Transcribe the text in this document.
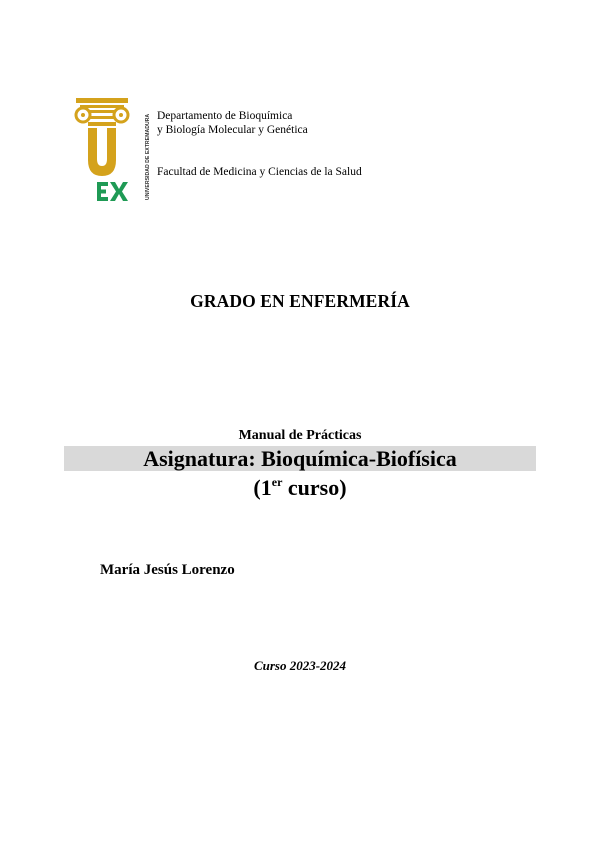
UNIVERSIDAD DE EXTREMADURA Departamento de Bioquímica
y Biología Molecular y Genética
Facultad de Medicina y Ciencias de la Salud
GRADO EN ENFERMERÍA
Manual de Prácticas
Asignatura: Bioquímica-Biofísica
(1er curso)
María Jesús Lorenzo
Curso 2023-2024
